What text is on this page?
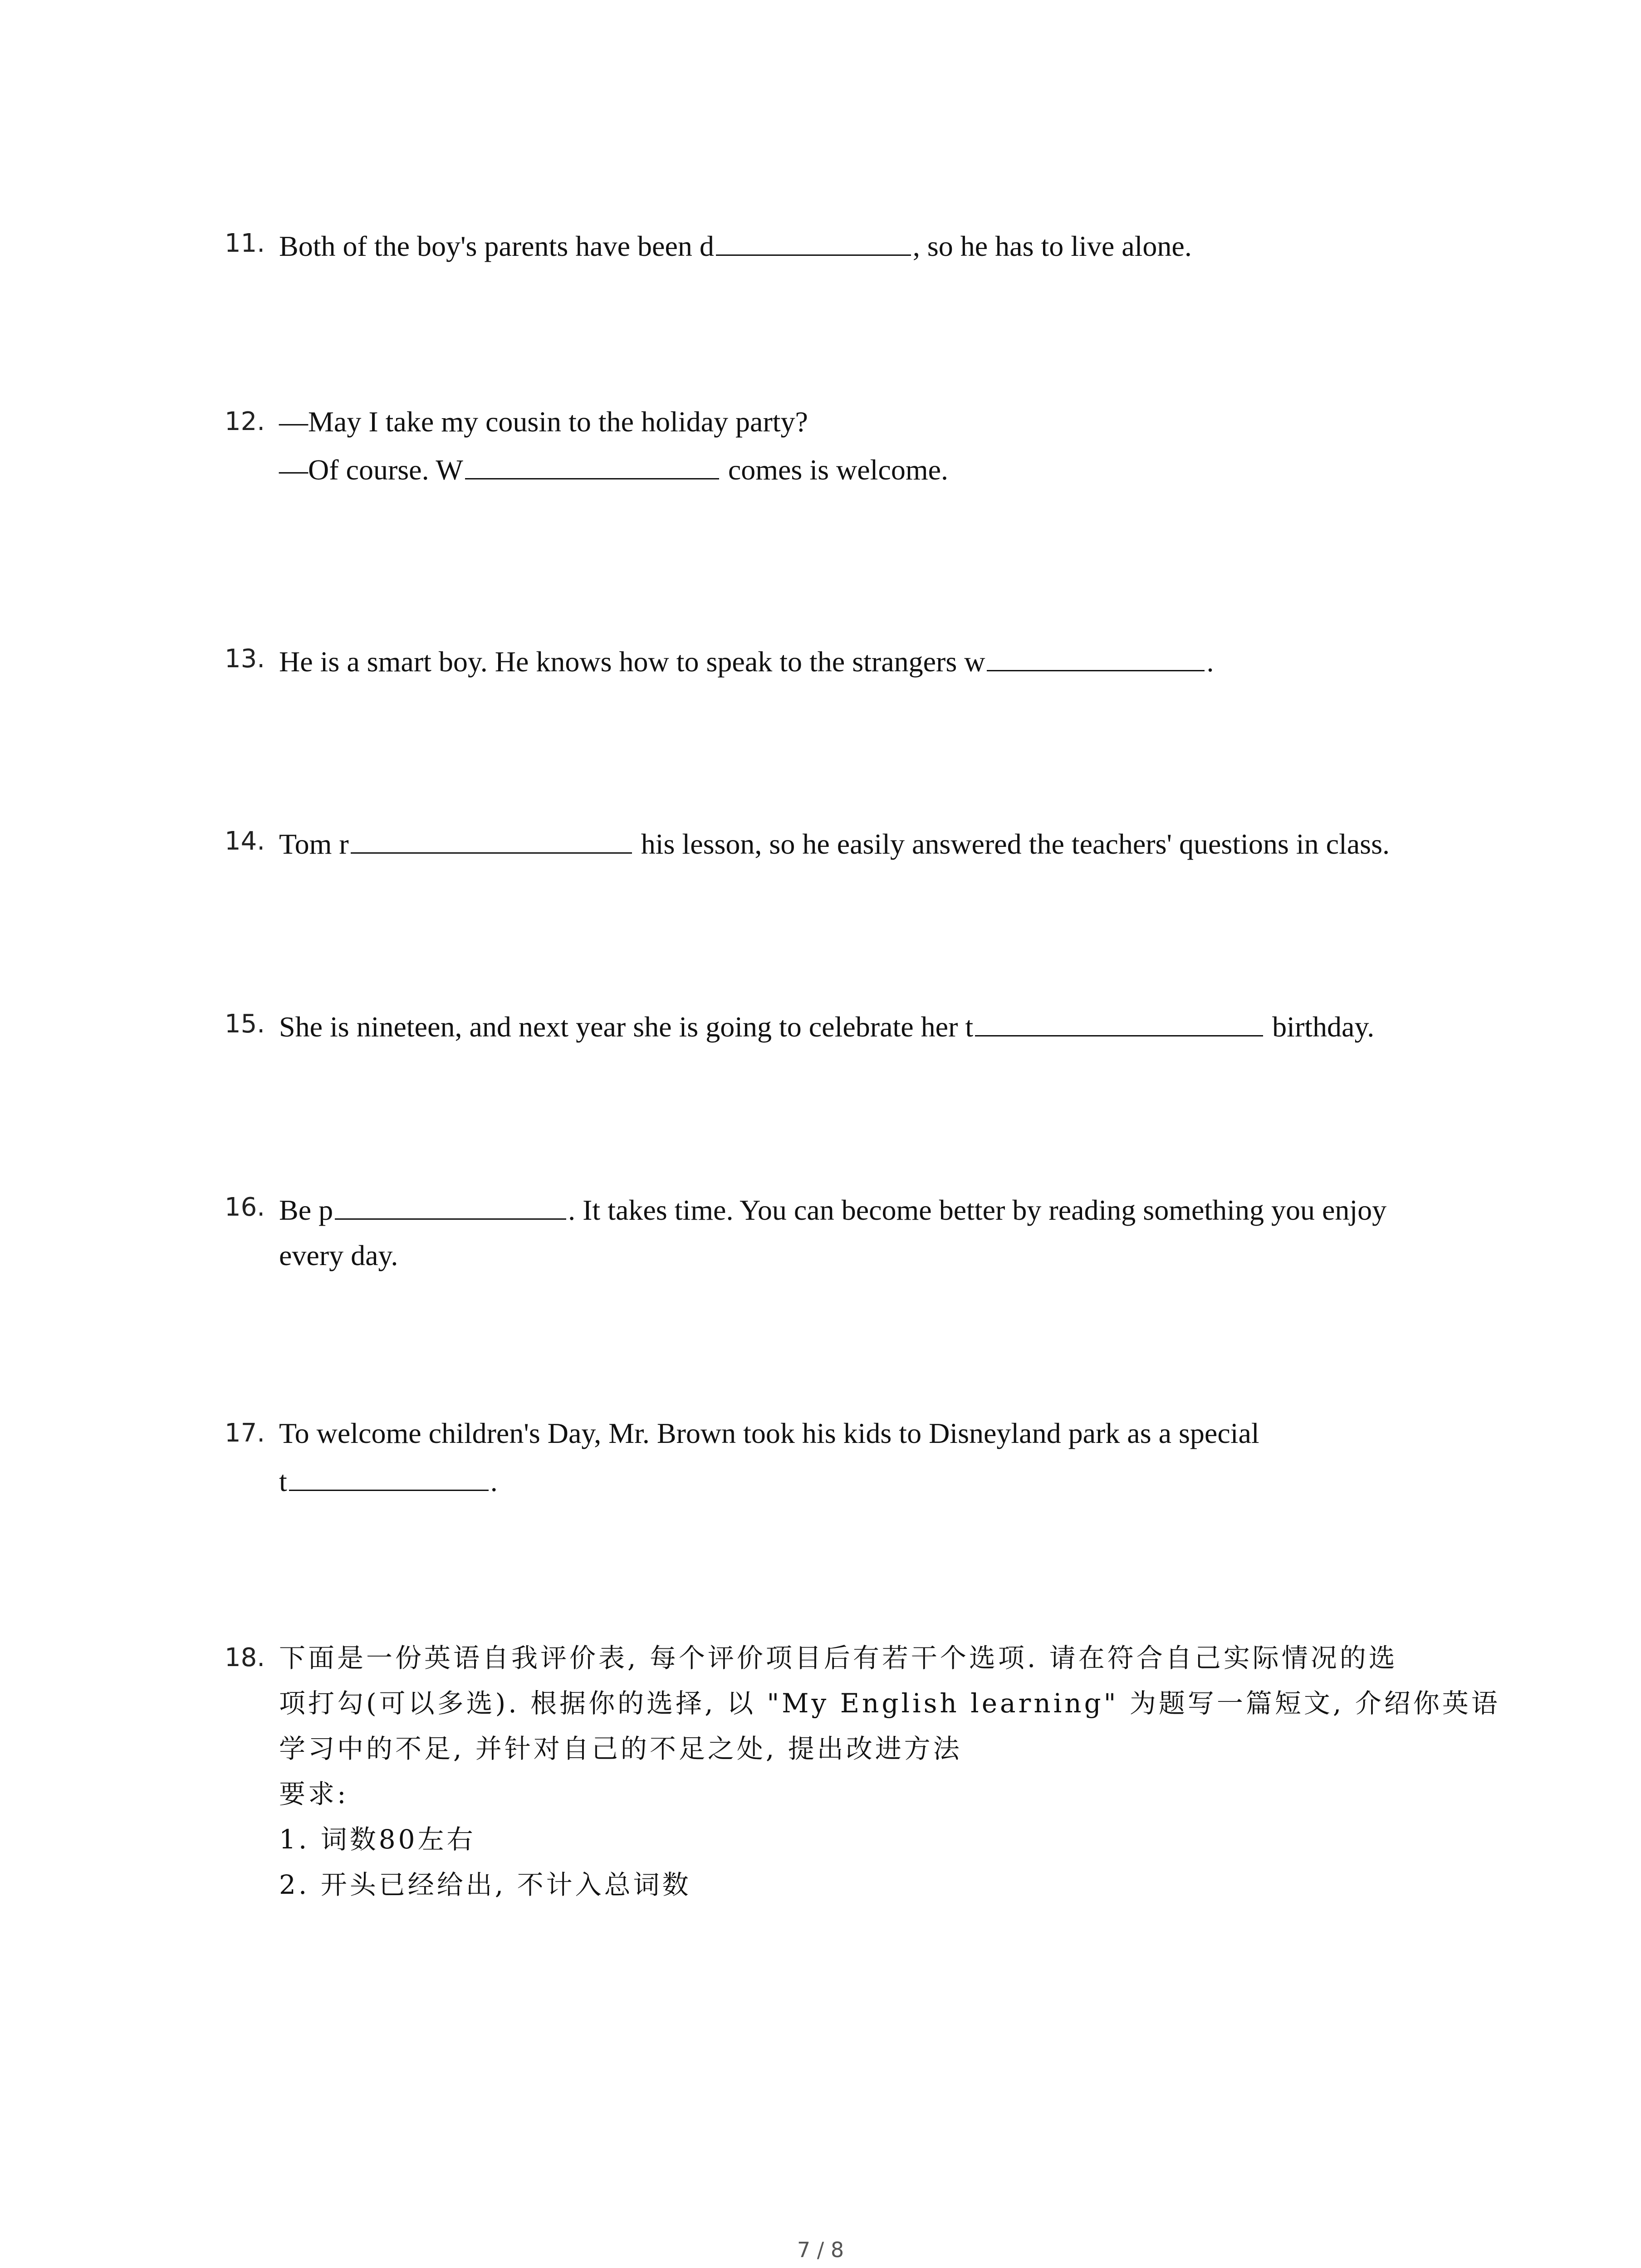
11. Both of the boy's parents have been d	, so he has to live alone.
12. —May I take my cousin to the holiday party?
—Of course. W	comes is welcome.
13. He is a smart boy. He knows how to speak to the strangers w	.
14. Tom r	his lesson, so he easily answered the teachers' questions in class.
15. She is nineteen, and next year she is going to celebrate her t	birthday.
16. Be p	. It takes time. You can become better by reading something you enjoy
every day.
17. To welcome children's Day, Mr. Brown took his kids to Disneyland park as a special
t	.
18. 下面是一份英语自我评价表, 每个评价项目后有若干个选项. 请在符合自己实际情况的选
项打勾(可以多选). 根据你的选择, 以 "My English learning" 为题写一篇短文, 介绍你英语
学习中的不足, 并针对自己的不足之处, 提出改进方法
要求:
1. 词数80左右
2. 开头已经给出, 不计入总词数
7 / 8
